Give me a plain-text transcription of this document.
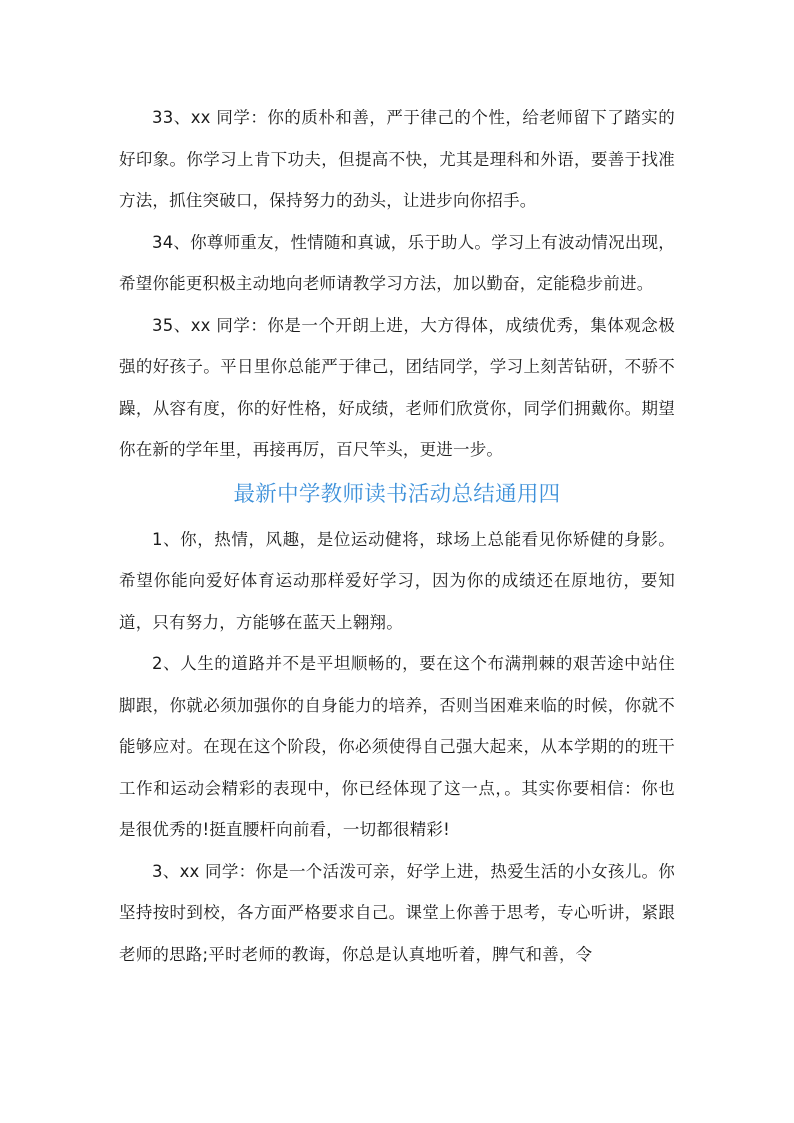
33、xx 同学：你的质朴和善，严于律己的个性，给老师留下了踏实的好印象。你学习上肯下功夫，但提高不快，尤其是理科和外语，要善于找准方法，抓住突破口，保持努力的劲头，让进步向你招手。

34、你尊师重友，性情随和真诚，乐于助人。学习上有波动情况出现，希望你能更积极主动地向老师请教学习方法，加以勤奋，定能稳步前进。

35、xx 同学：你是一个开朗上进，大方得体，成绩优秀，集体观念极强的好孩子。平日里你总能严于律己，团结同学，学习上刻苦钻研，不骄不躁，从容有度，你的好性格，好成绩，老师们欣赏你，同学们拥戴你。期望你在新的学年里，再接再厉，百尺竿头，更进一步。

最新中学教师读书活动总结通用四

1、你，热情，风趣，是位运动健将，球场上总能看见你矫健的身影。希望你能向爱好体育运动那样爱好学习，因为你的成绩还在原地彷，要知道，只有努力，方能够在蓝天上翱翔。

2、人生的道路并不是平坦顺畅的，要在这个布满荆棘的艰苦途中站住脚跟，你就必须加强你的自身能力的培养，否则当困难来临的时候，你就不能够应对。在现在这个阶段，你必须使得自己强大起来，从本学期的的班干工作和运动会精彩的表现中，你已经体现了这一点，。其实你要相信：你也是很优秀的!挺直腰杆向前看，一切都很精彩!

3、xx 同学：你是一个活泼可亲，好学上进，热爱生活的小女孩儿。你坚持按时到校，各方面严格要求自己。课堂上你善于思考，专心听讲，紧跟老师的思路;平时老师的教诲，你总是认真地听着，脾气和善，令
